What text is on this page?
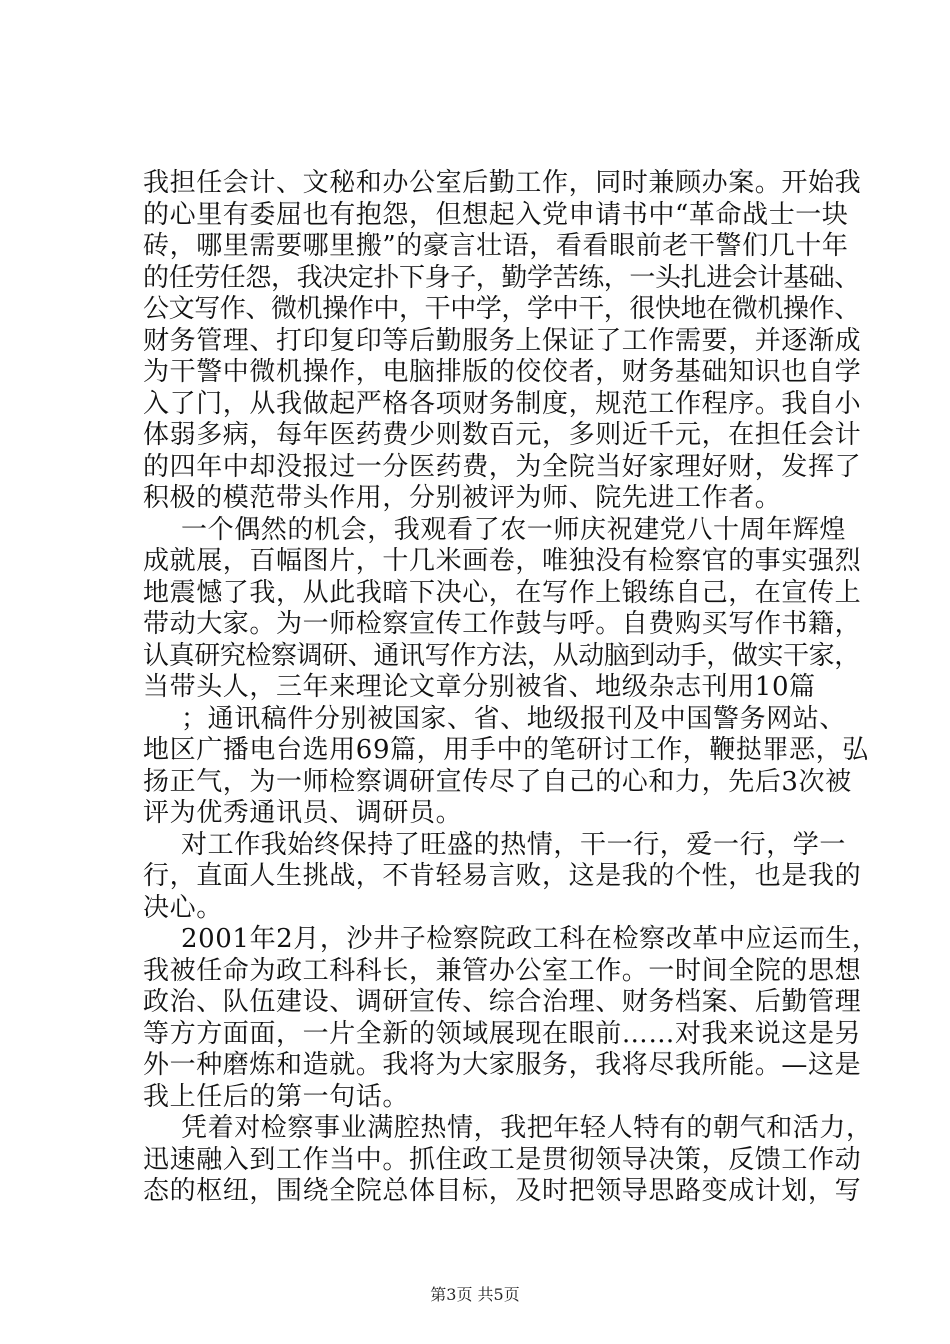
我担任会计、文秘和办公室后勤工作，同时兼顾办案。开始我
的心里有委屈也有抱怨，但想起入党申请书中“革命战士一块
砖，哪里需要哪里搬”的豪言壮语，看看眼前老干警们几十年
的任劳任怨，我决定扑下身子，勤学苦练，一头扎进会计基础、
公文写作、微机操作中，干中学，学中干，很快地在微机操作、
财务管理、打印复印等后勤服务上保证了工作需要，并逐渐成
为干警中微机操作，电脑排版的佼佼者，财务基础知识也自学
入了门，从我做起严格各项财务制度，规范工作程序。我自小
体弱多病，每年医药费少则数百元，多则近千元，在担任会计
的四年中却没报过一分医药费，为全院当好家理好财，发挥了
积极的模范带头作用，分别被评为师、院先进工作者。
一个偶然的机会，我观看了农一师庆祝建党八十周年辉煌
成就展，百幅图片，十几米画卷，唯独没有检察官的事实强烈
地震憾了我，从此我暗下决心，在写作上锻练自己，在宣传上
带动大家。为一师检察宣传工作鼓与呼。自费购买写作书籍，
认真研究检察调研、通讯写作方法，从动脑到动手，做实干家，
当带头人，三年来理论文章分别被省、地级杂志刊用10篇
；通讯稿件分别被国家、省、地级报刊及中国警务网站、
地区广播电台选用69篇，用手中的笔研讨工作，鞭挞罪恶，弘
扬正气，为一师检察调研宣传尽了自己的心和力，先后3次被
评为优秀通讯员、调研员。
对工作我始终保持了旺盛的热情，干一行，爱一行，学一
行，直面人生挑战，不肯轻易言败，这是我的个性，也是我的
决心。
2001年2月，沙井子检察院政工科在检察改革中应运而生，
我被任命为政工科科长，兼管办公室工作。一时间全院的思想
政治、队伍建设、调研宣传、综合治理、财务档案、后勤管理
等方方面面，一片全新的领域展现在眼前……对我来说这是另
外一种磨炼和造就。我将为大家服务，我将尽我所能。—这是
我上任后的第一句话。
凭着对检察事业满腔热情，我把年轻人特有的朝气和活力，
迅速融入到工作当中。抓住政工是贯彻领导决策，反馈工作动
态的枢纽，围绕全院总体目标，及时把领导思路变成计划，写
第3页 共5页
